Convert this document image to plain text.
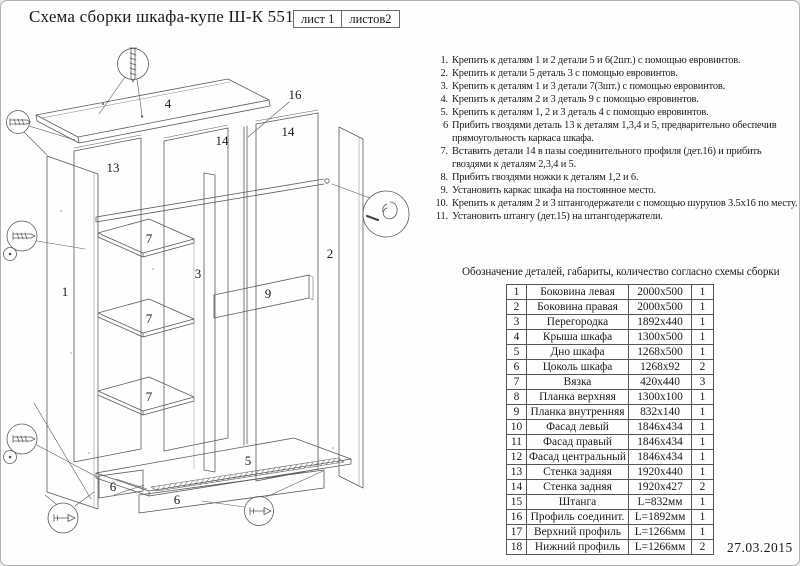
Схема сборки шкафа-купе Ш-К 551 лист 1	листов2
4
16
14
14
13
1
7
7
7
3
9
2
5
6
6
1. Крепить к деталям 1 и 2 детали 5 и 6(2шт.) с помощью евровинтов.
2. Крепить к детали 5 деталь 3 с помощью евровинтов.
3. Крепить к деталям 1 и 3 детали 7(3шт.) с помощью евровинтов.
4. Крепить к деталям 2 и 3 деталь 9 с помощью евровинтов.
5. Крепить к деталям 1, 2 и 3 деталь 4 с помощью евровинтов.
6 Прибить гвоздями деталь 13 к деталям 1,3,4 и 5, предварительно обеспечив прямоугольность каркаса шкафа.
7. Вставить детали 14 в пазы соединительного профиля (дет.16) и прибить гвоздями к деталям 2,3,4 и 5.
8. Прибить гвоздями ножки к деталям 1,2 и 6.
9. Установить каркас шкафа на постоянное место.
10. Крепить к деталям 2 и 3 штангодержатели с помощью шурупов 3.5х16 по месту.
11. Установить штангу (дет.15) на штангодержатели.
Обозначение деталей, габариты, количество согласно схемы сборки
1	Боковина левая	2000х500	1
2	Боковина правая	2000х500	1
3	Перегородка	1892х440	1
4	Крыша шкафа	1300х500	1
5	Дно шкафа	1268х500	1
6	Цоколь шкафа	1268х92	2
7	Вязка	420х440	3
8	Планка верхняя	1300х100	1
9	Планка внутренняя	832х140	1
10	Фасад левый	1846х434	1
11	Фасад правый	1846х434	1
12	Фасад центральный	1846х434	1
13	Стенка задняя	1920х440	1
14	Стенка задняя	1920х427	2
15	Штанга	L=832мм	1
16	Профиль соединит.	L=1892мм	1
17	Верхний профиль	L=1266мм	1
18	Нижний профиль	L=1266мм	2 27.03.2015
